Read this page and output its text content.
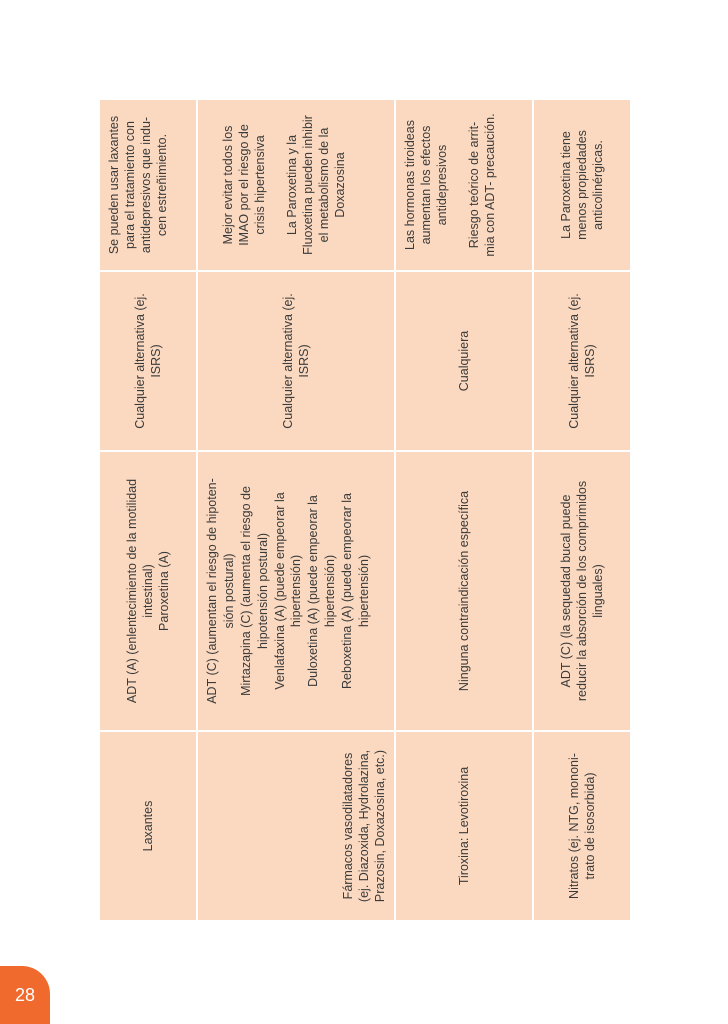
Laxantes
ADT (A) (enlentecimiento de la motilidad intestinal) Paroxetina (A)
Cualquier alternativa (ej. ISRS)
Se pueden usar laxantes para el tratamiento con antidepresivos que indu- cen estreñimiento.
Fármacos vasodilatadores (ej. Diazoxida, Hydrolazina, Prazosin, Doxazosina, etc.)
ADT (C) (aumentan el riesgo de hipoten- sión postural) Mirtazapina (C) (aumenta el riesgo de hipotensión postural) Venlafaxina (A) (puede empeorar la hipertensión) Duloxetina (A) (puede empeorar la hipertensión) Reboxetina (A) (puede empeorar la hipertensión)
Cualquier alternativa (ej. ISRS)
Mejor evitar todos los IMAO por el riesgo de crisis hipertensiva La Paroxetina y la Fluoxetina pueden inhibir el metabolismo de la Doxazosina
Tiroxina: Levotiroxina
Ninguna contraindicación específica
Cualquiera
Las hormonas tiroideas aumentan los efectos antidepresivos Riesgo teórico de arrit- mia con ADT- precaución.
Nitratos (ej. NTG, mononi- trato de isosorbida)
ADT (C) (la sequedad bucal puede reducir la absorción de los comprimidos linguales)
Cualquier alternativa (ej. ISRS)
La Paroxetina tiene menos propiedades anticolinérgicas.
28
